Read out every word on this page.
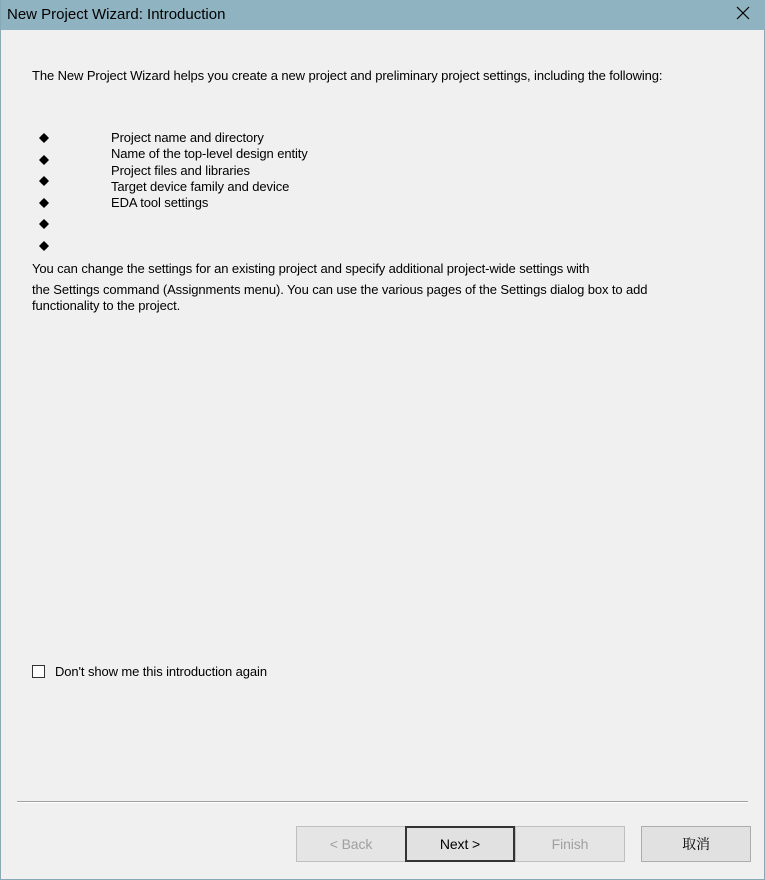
New Project Wizard: Introduction
The New Project Wizard helps you create a new project and preliminary project settings, including the following:
Project name and directory
Name of the top-level design entity
Project files and libraries
Target device family and device
EDA tool settings
You can change the settings for an existing project and specify additional project-wide settings with
the Settings command (Assignments menu). You can use the various pages of the Settings dialog box to add
functionality to the project.
Don't show me this introduction again
< Back	Next >	Finish	取消
